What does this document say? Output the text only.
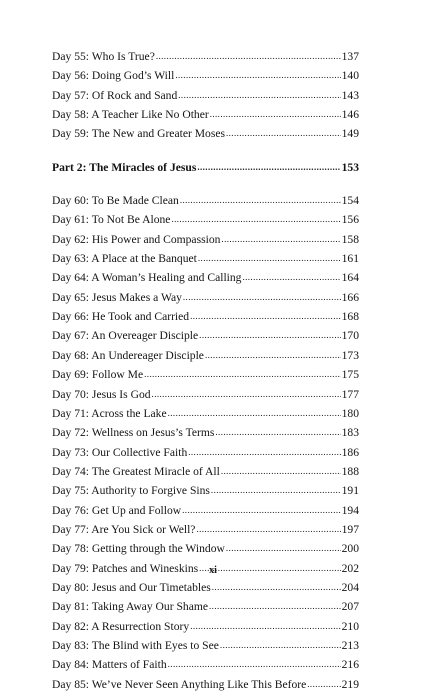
Day 55: Who Is True? .....	137
Day 56: Doing God’s Will .....	140
Day 57: Of Rock and Sand .....	143
Day 58: A Teacher Like No Other .....	146
Day 59: The New and Greater Moses .....	149
Part 2: The Miracles of Jesus .....	153
Day 60: To Be Made Clean .....	154
Day 61: To Not Be Alone .....	156
Day 62: His Power and Compassion .....	158
Day 63: A Place at the Banquet .....	161
Day 64: A Woman’s Healing and Calling .....	164
Day 65: Jesus Makes a Way .....	166
Day 66: He Took and Carried .....	168
Day 67: An Overeager Disciple .....	170
Day 68: An Undereager Disciple .....	173
Day 69: Follow Me .....	175
Day 70: Jesus Is God .....	177
Day 71: Across the Lake .....	180
Day 72: Wellness on Jesus’s Terms .....	183
Day 73: Our Collective Faith .....	186
Day 74: The Greatest Miracle of All .....	188
Day 75: Authority to Forgive Sins .....	191
Day 76: Get Up and Follow .....	194
Day 77: Are You Sick or Well? .....	197
Day 78: Getting through the Window .....	200
Day 79: Patches and Wineskins .....	202
Day 80: Jesus and Our Timetables .....	204
Day 81: Taking Away Our Shame .....	207
Day 82: A Resurrection Story .....	210
Day 83: The Blind with Eyes to See .....	213
Day 84: Matters of Faith .....	216
Day 85: We’ve Never Seen Anything Like This Before .....	219
xi
